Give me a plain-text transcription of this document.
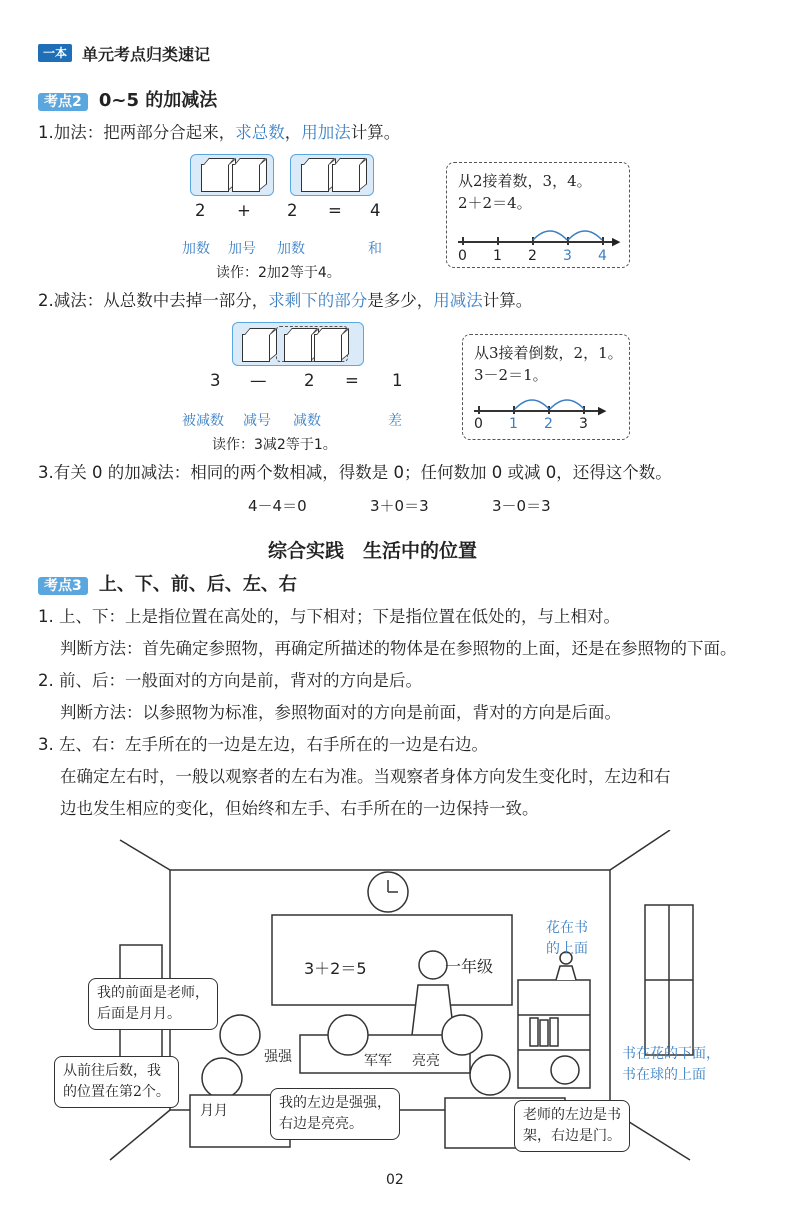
一本 单元考点归类速记
考点2 0~5 的加减法
1.加法：把两部分合起来，求总数，用加法计算。
2 + 2 = 4
加数 加号 加数	和
读作：2加2等于4。
从2接着数，3，4。
2＋2＝4。
▶
0 1 2 3 4
2.减法：从总数中去掉一部分，求剩下的部分是多少，用减法计算。
3 — 2 = 1
被减数 减号 减数	差
读作：3减2等于1。
从3接着倒数，2，1。
3－2＝1。
▶
0 1 2 3
3.有关 0 的加减法：相同的两个数相减，得数是 0；任何数加 0 或减 0，还得这个数。
4－4＝0	3＋0＝3	3－0＝3
综合实践　生活中的位置
考点3 上、下、前、后、左、右
1. 上、下：上是指位置在高处的，与下相对；下是指位置在低处的，与上相对。
判断方法：首先确定参照物，再确定所描述的物体是在参照物的上面，还是在参照物的下面。
2. 前、后：一般面对的方向是前，背对的方向是后。
判断方法：以参照物为标准，参照物面对的方向是前面，背对的方向是后面。
3. 左、右：左手所在的一边是左边，右手所在的一边是右边。
在确定左右时，一般以观察者的左右为准。当观察者身体方向发生变化时，左边和右
边也发生相应的变化，但始终和左手、右手所在的一边保持一致。
3＋2＝5	一年级
强强	军军 亮亮
月月
我的前面是老师，
后面是月月。
从前往后数，我
的位置在第2个。
我的左边是强强，
右边是亮亮。
老师的左边是书
架，右边是门。
花在书
的上面
书在花的下面，
书在球的上面
02
